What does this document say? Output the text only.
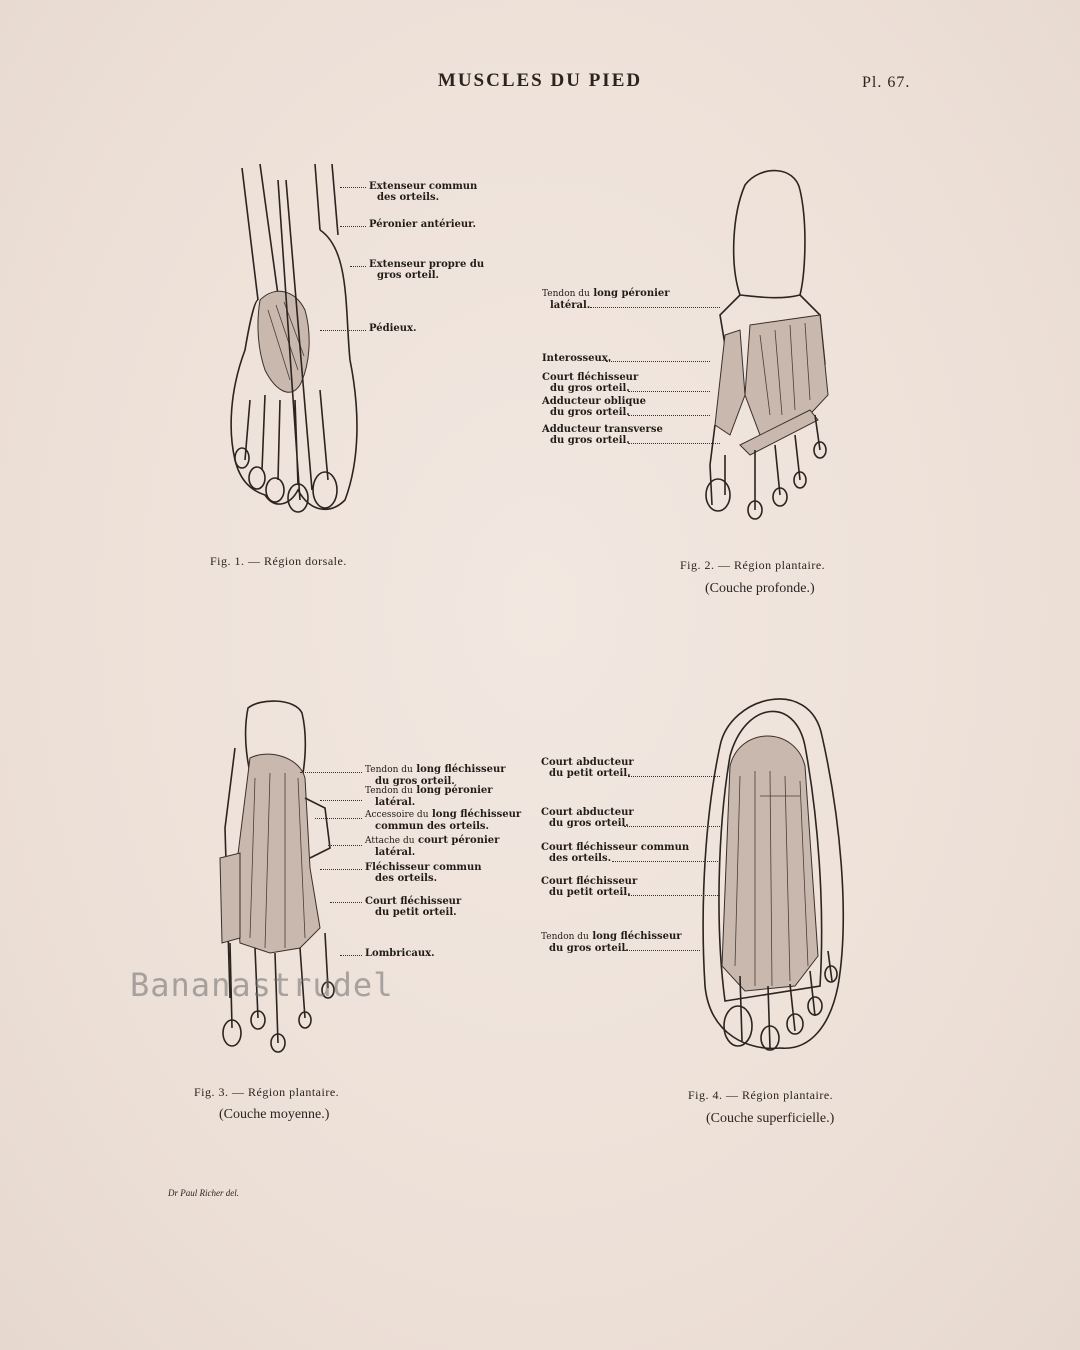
MUSCLES DU PIED	Pl. 67.
Extenseur commun
des orteils.
Péronier antérieur.
Extenseur propre du
gros orteil.
Pédieux.
Fig. 1. — Région dorsale.
Tendon du long péronier
latéral.
Interosseux.
Court fléchisseur
du gros orteil.
Adducteur oblique
du gros orteil.
Adducteur transverse
du gros orteil.
Fig. 2. — Région plantaire.
(Couche profonde.)
Tendon du long fléchisseur
du gros orteil.
Tendon du long péronier
latéral.
Accessoire du long fléchisseur
commun des orteils.
Attache du court péronier
latéral.
Fléchisseur commun
des orteils.
Court fléchisseur
du petit orteil.
Lombricaux.
Fig. 3. — Région plantaire.
(Couche moyenne.)
Court abducteur
du petit orteil.
Court abducteur
du gros orteil.
Court fléchisseur commun
des orteils.
Court fléchisseur
du petit orteil.
Tendon du long fléchisseur
du gros orteil.
Fig. 4. — Région plantaire.
(Couche superficielle.)
Dr Paul Richer del.
Bananastrudel
